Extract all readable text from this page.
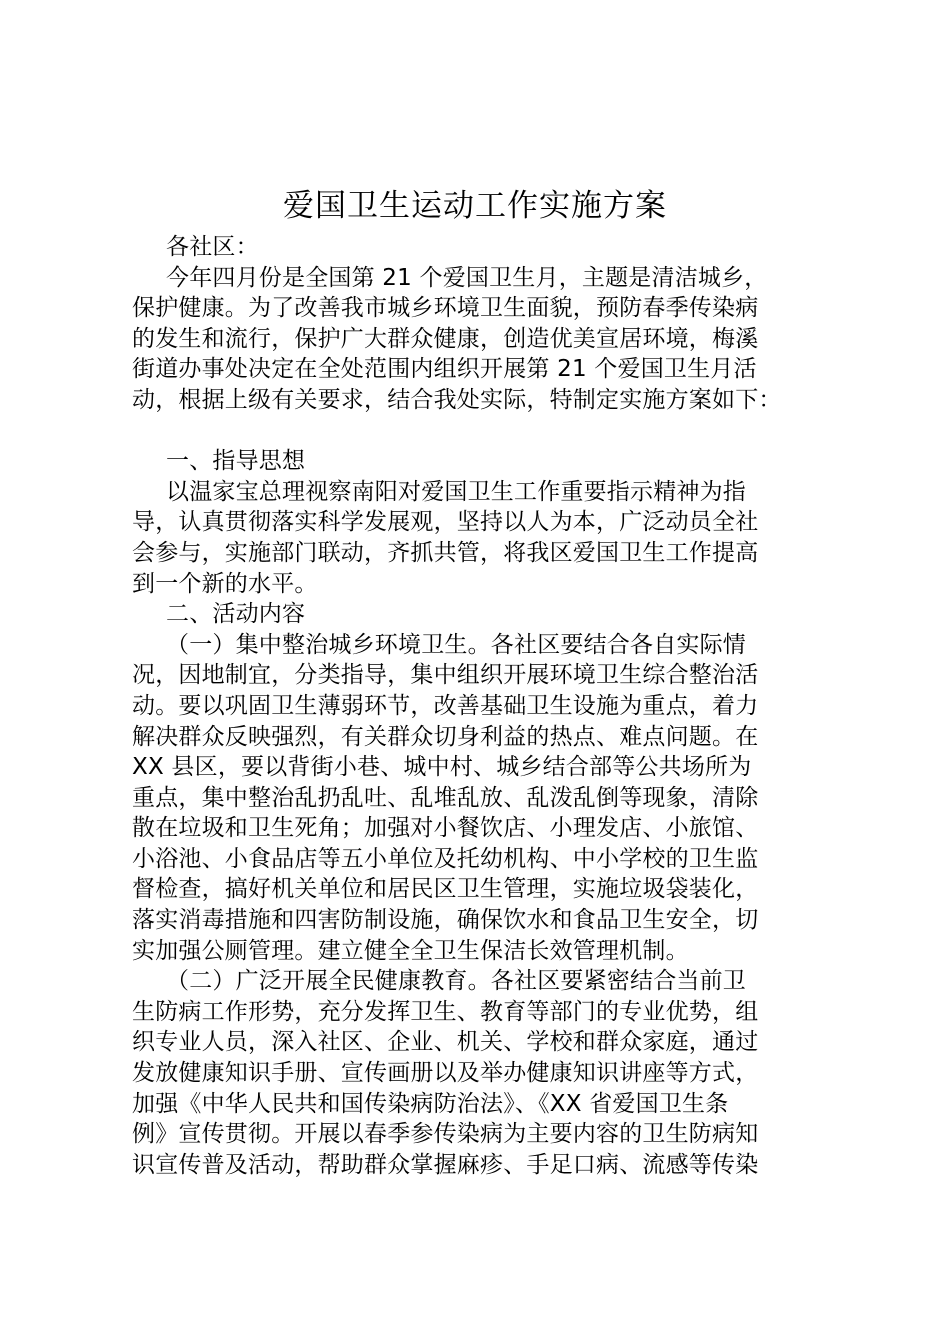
爱国卫生运动工作实施方案
各社区：
今年四月份是全国第 21 个爱国卫生月，主题是清洁城乡，
保护健康。为了改善我市城乡环境卫生面貌，预防春季传染病
的发生和流行，保护广大群众健康，创造优美宣居环境，梅溪
街道办事处决定在全处范围内组织开展第 21 个爱国卫生月活
动，根据上级有关要求，结合我处实际，特制定实施方案如下：
一、指导思想
以温家宝总理视察南阳对爱国卫生工作重要指示精神为指
导，认真贯彻落实科学发展观，坚持以人为本，广泛动员全社
会参与，实施部门联动，齐抓共管，将我区爱国卫生工作提高
到一个新的水平。
二、活动内容
（一）集中整治城乡环境卫生。各社区要结合各自实际情
况，因地制宜，分类指导，集中组织开展环境卫生综合整治活
动。要以巩固卫生薄弱环节，改善基础卫生设施为重点，着力
解决群众反映强烈，有关群众切身利益的热点、难点问题。在
XX 县区，要以背街小巷、城中村、城乡结合部等公共场所为
重点，集中整治乱扔乱吐、乱堆乱放、乱泼乱倒等现象，清除
散在垃圾和卫生死角；加强对小餐饮店、小理发店、小旅馆、
小浴池、小食品店等五小单位及托幼机构、中小学校的卫生监
督检查，搞好机关单位和居民区卫生管理，实施垃圾袋装化，
落实消毒措施和四害防制设施，确保饮水和食品卫生安全，切
实加强公厕管理。建立健全全卫生保洁长效管理机制。
（二）广泛开展全民健康教育。各社区要紧密结合当前卫
生防病工作形势，充分发挥卫生、教育等部门的专业优势，组
织专业人员，深入社区、企业、机关、学校和群众家庭，通过
发放健康知识手册、宣传画册以及举办健康知识讲座等方式，
加强《中华人民共和国传染病防治法》、《XX 省爱国卫生条
例》宣传贯彻。开展以春季参传染病为主要内容的卫生防病知
识宣传普及活动，帮助群众掌握麻疹、手足口病、流感等传染
